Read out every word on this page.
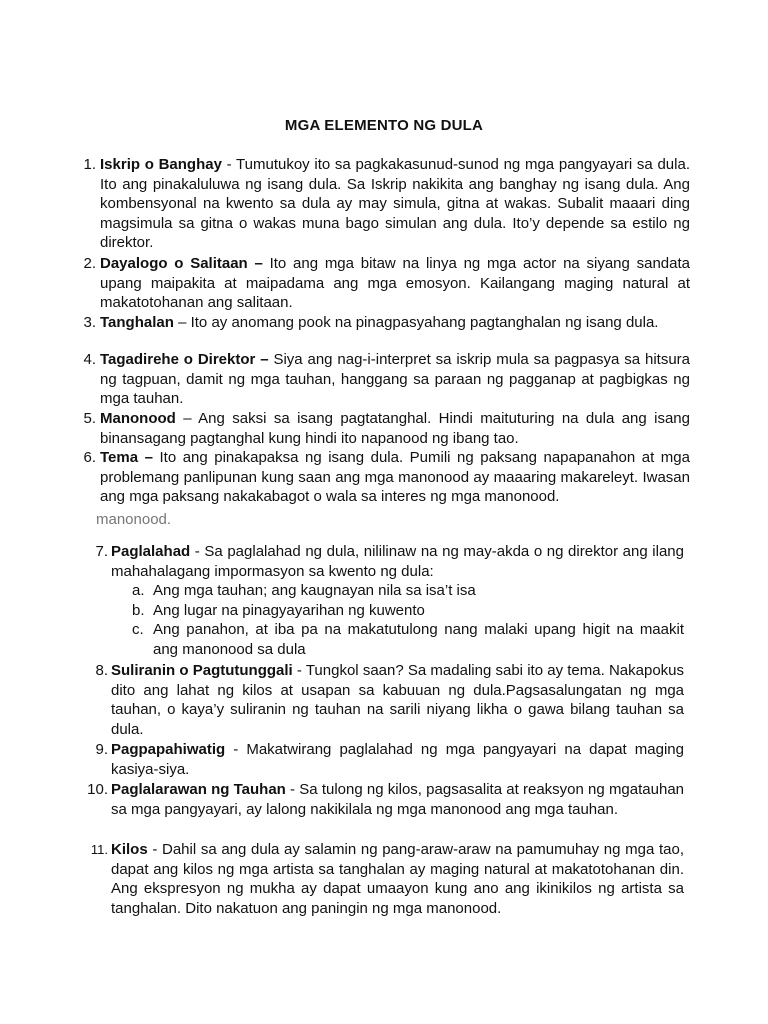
MGA ELEMENTO NG DULA
1. Iskrip o Banghay - Tumutukoy ito sa pagkakasunud-sunod ng mga pangyayari sa dula. Ito ang pinakaluluwa ng isang dula. Sa Iskrip nakikita ang banghay ng isang dula. Ang kombensyonal na kwento sa dula ay may simula, gitna at wakas. Subalit maaari ding magsimula sa gitna o wakas muna bago simulan ang dula. Ito’y depende sa estilo ng direktor.
2. Dayalogo o Salitaan – Ito ang mga bitaw na linya ng mga actor na siyang sandata upang maipakita at maipadama ang mga emosyon. Kailangang maging natural at makatotohanan ang salitaan.
3. Tanghalan – Ito ay anomang pook na pinagpasyahang pagtanghalan ng isang dula.
4. Tagadirehe o Direktor – Siya ang nag-i-interpret sa iskrip mula sa pagpasya sa hitsura ng tagpuan, damit ng mga tauhan, hanggang sa paraan ng pagganap at pagbigkas ng mga tauhan.
5. Manonood – Ang saksi sa isang pagtatanghal. Hindi maituturing na dula ang isang binansagang pagtanghal kung hindi ito napanood ng ibang tao.
6. Tema – Ito ang pinakapaksa ng isang dula. Pumili ng paksang napapanahon at mga problemang panlipunan kung saan ang mga manonood ay maaaring makareleyt. Iwasan ang mga paksang nakakabagot o wala sa interes ng mga manonood.
manonood.
7. Paglalahad - Sa paglalahad ng dula, nililinaw na ng may-akda o ng direktor ang ilang mahahalagang impormasyon sa kwento ng dula:
a. Ang mga tauhan; ang kaugnayan nila sa isa’t isa
b. Ang lugar na pinagyayarihan ng kuwento
c. Ang panahon, at iba pa na makatutulong nang malaki upang higit na maakit ang manonood sa dula
8. Suliranin o Pagtutunggali - Tungkol saan? Sa madaling sabi ito ay tema. Nakapokus dito ang lahat ng kilos at usapan sa kabuuan ng dula.Pagsasalungatan ng mga tauhan, o kaya’y suliranin ng tauhan na sarili niyang likha o gawa bilang tauhan sa dula.
9. Pagpapahiwatig - Makatwirang paglalahad ng mga pangyayari na dapat maging kasiya-siya.
10. Paglalarawan ng Tauhan - Sa tulong ng kilos, pagsasalita at reaksyon ng mgatauhan sa mga pangyayari, ay lalong nakikilala ng mga manonood ang mga tauhan.
11. Kilos - Dahil sa ang dula ay salamin ng pang-araw-araw na pamumuhay ng mga tao, dapat ang kilos ng mga artista sa tanghalan ay maging natural at makatotohanan din. Ang ekspresyon ng mukha ay dapat umaayon kung ano ang ikinikilos ng artista sa tanghalan. Dito nakatuon ang paningin ng mga manonood.
